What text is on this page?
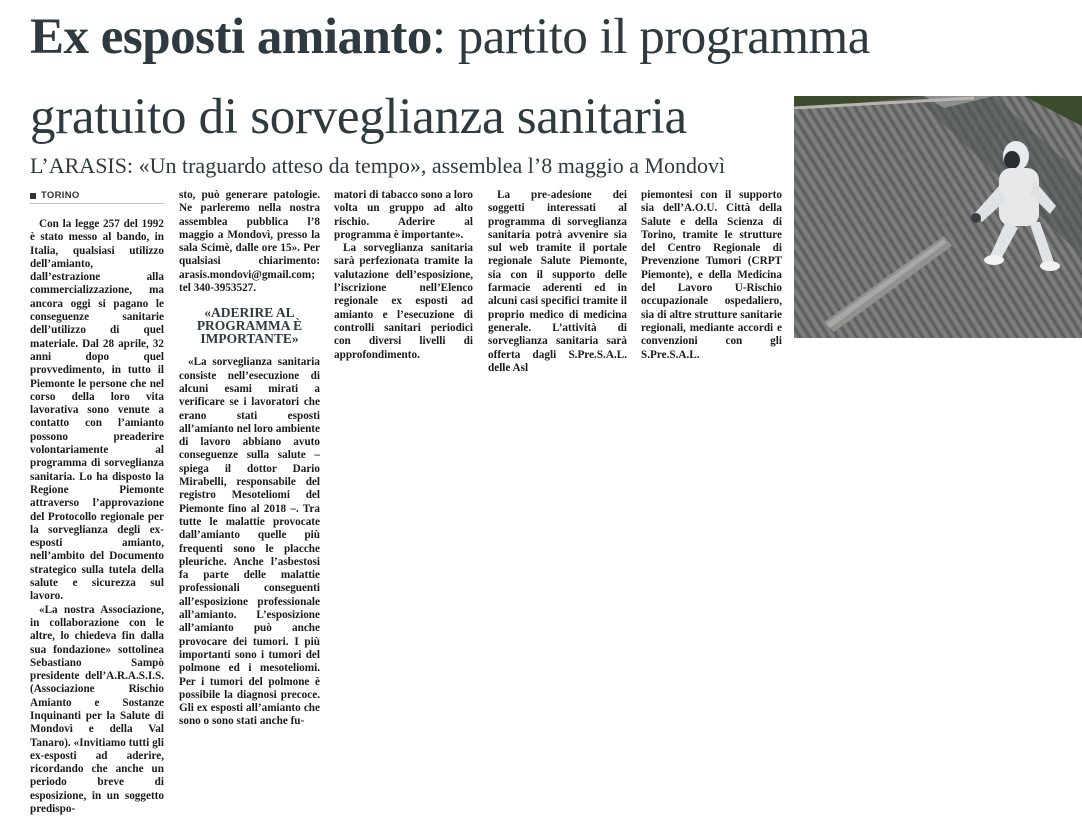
Ex esposti amianto: partito il programma
gratuito di sorveglianza sanitaria
L’ARASIS: «Un traguardo atteso da tempo», assemblea l’8 maggio a Mondovì
TORINO

Con la legge 257 del 1992 è stato messo al bando, in Italia, qualsiasi utilizzo dell’amianto, dall’estrazione alla commercializzazione, ma ancora oggi si pagano le conseguenze sanitarie dell’utilizzo di quel materiale. Dal 28 aprile, 32 anni dopo quel provvedimento, in tutto il Piemonte le persone che nel corso della loro vita lavorativa sono venute a contatto con l’amianto possono preaderire volontariamente al programma di sorveglianza sanitaria. Lo ha disposto la Regione Piemonte attraverso l’approvazione del Protocollo regionale per la sorveglianza degli ex-esposti amianto, nell’ambito del Documento strategico sulla tutela della salute e sicurezza sul lavoro.

«La nostra Associazione, in collaborazione con le altre, lo chiedeva fin dalla sua fondazione» sottolinea Sebastiano Sampò presidente dell’A.R.A.S.I.S. (Associazione Rischio Amianto e Sostanze Inquinanti per la Salute di Mondovì e della Val Tanaro). «Invitiamo tutti gli ex-esposti ad aderire, ricordando che anche un periodo breve di esposizione, in un soggetto predispo-

sto, può generare patologie. Ne parleremo nella nostra assemblea pubblica l’8 maggio a Mondovì, presso la sala Scimè, dalle ore 15». Per qualsiasi chiarimento: arasis.mondovi@gmail.com; tel 340-3953527.

«ADERIRE AL PROGRAMMA È IMPORTANTE»

«La sorveglianza sanitaria consiste nell’esecuzione di alcuni esami mirati a verificare se i lavoratori che erano stati esposti all’amianto nel loro ambiente di lavoro abbiano avuto conseguenze sulla salute – spiega il dottor Dario Mirabelli, responsabile del registro Mesoteliomi del Piemonte fino al 2018 –. Tra tutte le malattie provocate dall’amianto quelle più frequenti sono le placche pleuriche. Anche l’asbestosi fa parte delle malattie professionali conseguenti all’esposizione professionale all’amianto. L’esposizione all’amianto può anche provocare dei tumori. I più importanti sono i tumori del polmone ed i mesoteliomi. Per i tumori del polmone è possibile la diagnosi precoce. Gli ex esposti all’amianto che sono o sono stati anche fu-

matori di tabacco sono a loro volta un gruppo ad alto rischio. Aderire al programma è importante».

La sorveglianza sanitaria sarà perfezionata tramite la valutazione dell’esposizione, l’iscrizione nell’Elenco regionale ex esposti ad amianto e l’esecuzione di controlli sanitari periodici con diversi livelli di approfondimento.

La pre-adesione dei soggetti interessati al programma di sorveglianza sanitaria potrà avvenire sia sul web tramite il portale regionale Salute Piemonte, sia con il supporto delle farmacie aderenti ed in alcuni casi specifici tramite il proprio medico di medicina generale. L’attività di sorveglianza sanitaria sarà offerta dagli S.Pre.S.A.L. delle Asl

piemontesi con il supporto sia dell’A.O.U. Città della Salute e della Scienza di Torino, tramite le strutture del Centro Regionale di Prevenzione Tumori (CRPT Piemonte), e della Medicina del Lavoro U-Rischio occupazionale ospedaliero, sia di altre strutture sanitarie regionali, mediante accordi e convenzioni con gli S.Pre.S.A.L.
